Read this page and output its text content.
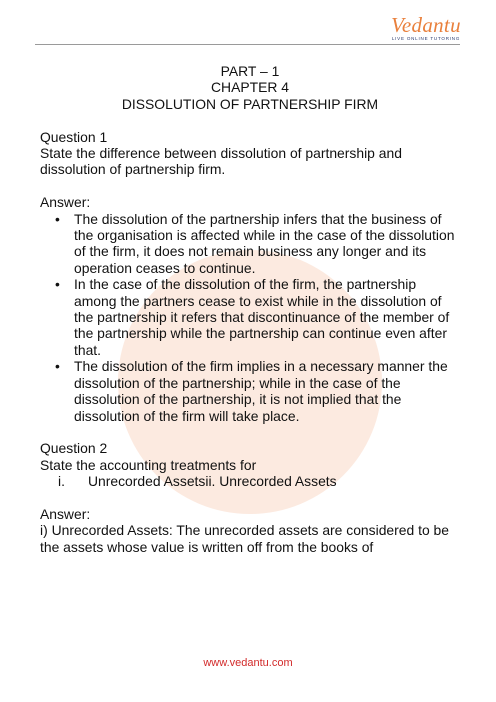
Vedantu
LIVE ONLINE TUTORING

PART – 1

CHAPTER 4

DISSOLUTION OF PARTNERSHIP FIRM

Question 1

State the difference between dissolution of partnership and dissolution of partnership firm.

Answer:

• The dissolution of the partnership infers that the business of the organisation is affected while in the case of the dissolution of the firm, it does not remain business any longer and its operation ceases to continue.
• In the case of the dissolution of the firm, the partnership among the partners cease to exist while in the dissolution of the partnership it refers that discontinuance of the member of the partnership while the partnership can continue even after that.
• The dissolution of the firm implies in a necessary manner the dissolution of the partnership; while in the case of the dissolution of the partnership, it is not implied that the dissolution of the firm will take place.

Question 2

State the accounting treatments for

i. Unrecorded Assetsii. Unrecorded Assets

Answer:

i) Unrecorded Assets: The unrecorded assets are considered to be the assets whose value is written off from the books of

www.vedantu.com
